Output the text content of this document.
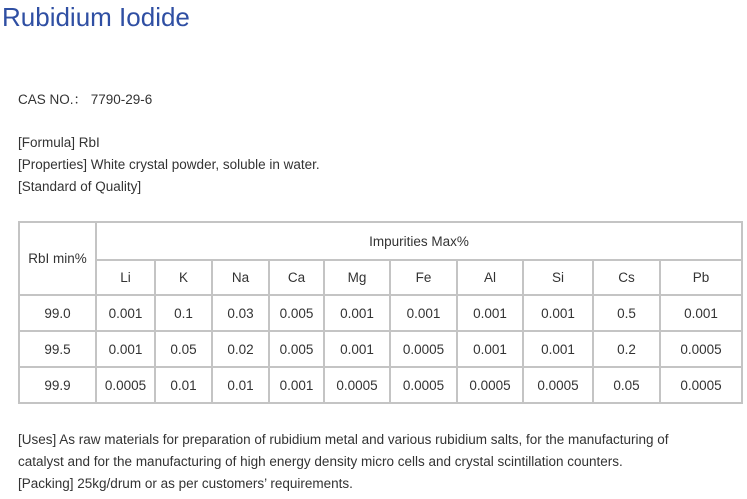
Rubidium Iodide

CAS NO.： 7790-29-6

[Formula] RbI

[Properties] White crystal powder, soluble in water.

[Standard of Quality]

RbI min%	Impurities Max%									
	Li	K	Na	Ca	Mg	Fe	Al	Si	Cs	Pb
99.0	0.001	0.1	0.03	0.005	0.001	0.001	0.001	0.001	0.5	0.001
99.5	0.001	0.05	0.02	0.005	0.001	0.0005	0.001	0.001	0.2	0.0005
99.9	0.0005	0.01	0.01	0.001	0.0005	0.0005	0.0005	0.0005	0.05	0.0005

[Uses] As raw materials for preparation of rubidium metal and various rubidium salts, for the manufacturing of

catalyst and for the manufacturing of high energy density micro cells and crystal scintillation counters.

[Packing] 25kg/drum or as per customers’ requirements.
